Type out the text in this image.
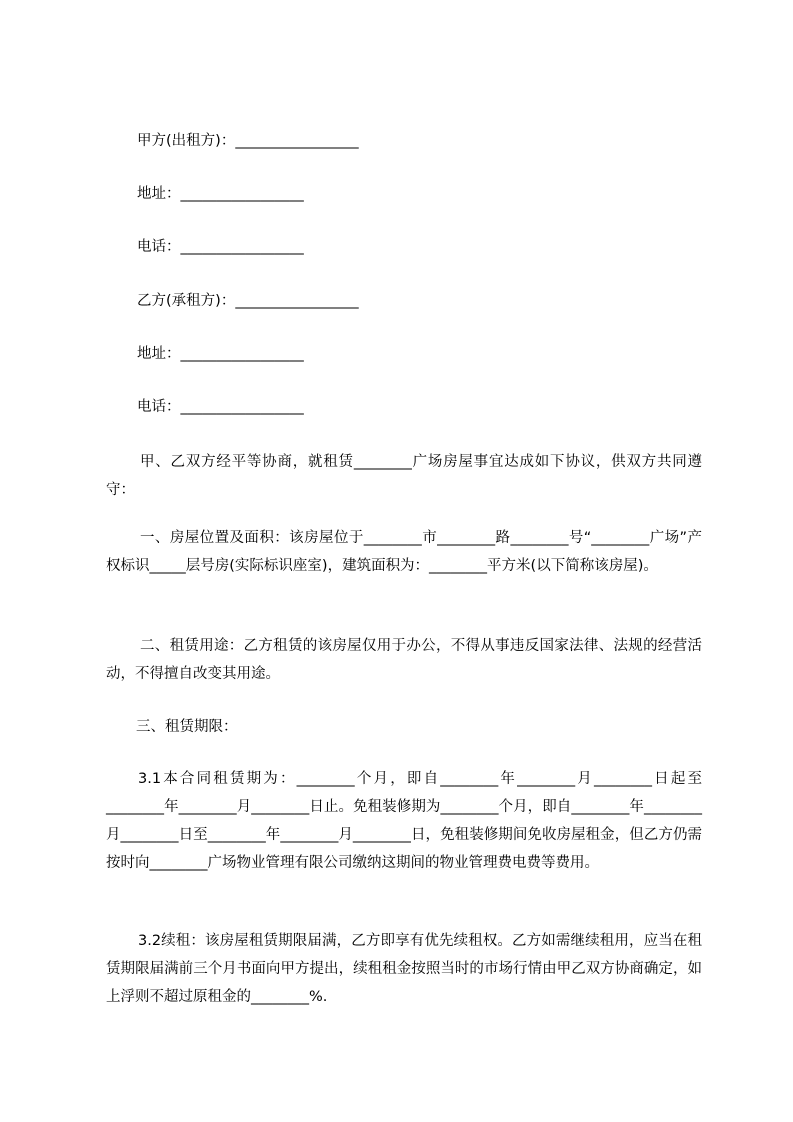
甲方(出租方)：_________________

地址：_________________

电话：_________________

乙方(承租方)：_________________

地址：_________________

电话：_________________

甲、乙双方经平等协商，就租赁________广场房屋事宜达成如下协议，供双方共同遵守：

一、房屋位置及面积：该房屋位于________市________路________号“________广场”产权标识_____层号房(实际标识座室)，建筑面积为：________平方米(以下简称该房屋)。

二、租赁用途：乙方租赁的该房屋仅用于办公，不得从事违反国家法律、法规的经营活动，不得擅自改变其用途。

三、租赁期限：

3.1本合同租赁期为：________个月，即自________年________月________日起至________年________月________日止。免租装修期为________个月，即自________年________月________日至________年________月________日，免租装修期间免收房屋租金，但乙方仍需按时向________广场物业管理有限公司缴纳这期间的物业管理费电费等费用。

3.2续租：该房屋租赁期限届满，乙方即享有优先续租权。乙方如需继续租用，应当在租赁期限届满前三个月书面向甲方提出，续租租金按照当时的市场行情由甲乙双方协商确定，如上浮则不超过原租金的________%.
